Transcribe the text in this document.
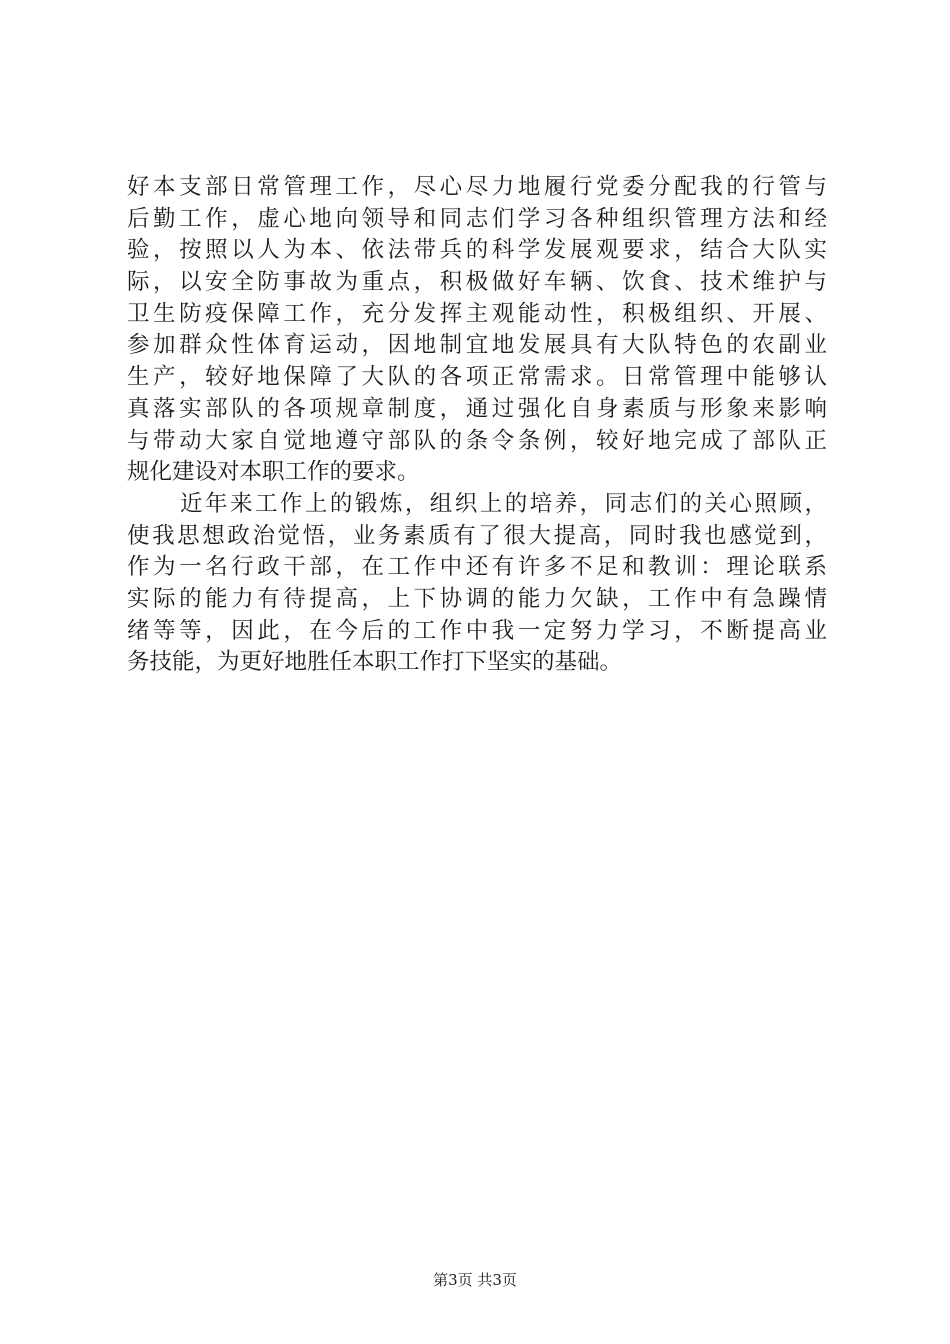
好本支部日常管理工作，尽心尽力地履行党委分配我的行管与
后勤工作，虚心地向领导和同志们学习各种组织管理方法和经
验，按照以人为本、依法带兵的科学发展观要求，结合大队实
际，以安全防事故为重点，积极做好车辆、饮食、技术维护与
卫生防疫保障工作，充分发挥主观能动性，积极组织、开展、
参加群众性体育运动，因地制宜地发展具有大队特色的农副业
生产，较好地保障了大队的各项正常需求。日常管理中能够认
真落实部队的各项规章制度，通过强化自身素质与形象来影响
与带动大家自觉地遵守部队的条令条例，较好地完成了部队正
规化建设对本职工作的要求。
近年来工作上的锻炼，组织上的培养，同志们的关心照顾，
使我思想政治觉悟，业务素质有了很大提高，同时我也感觉到，
作为一名行政干部，在工作中还有许多不足和教训：理论联系
实际的能力有待提高，上下协调的能力欠缺，工作中有急躁情
绪等等，因此，在今后的工作中我一定努力学习，不断提高业
务技能，为更好地胜任本职工作打下坚实的基础。
第3页 共3页
